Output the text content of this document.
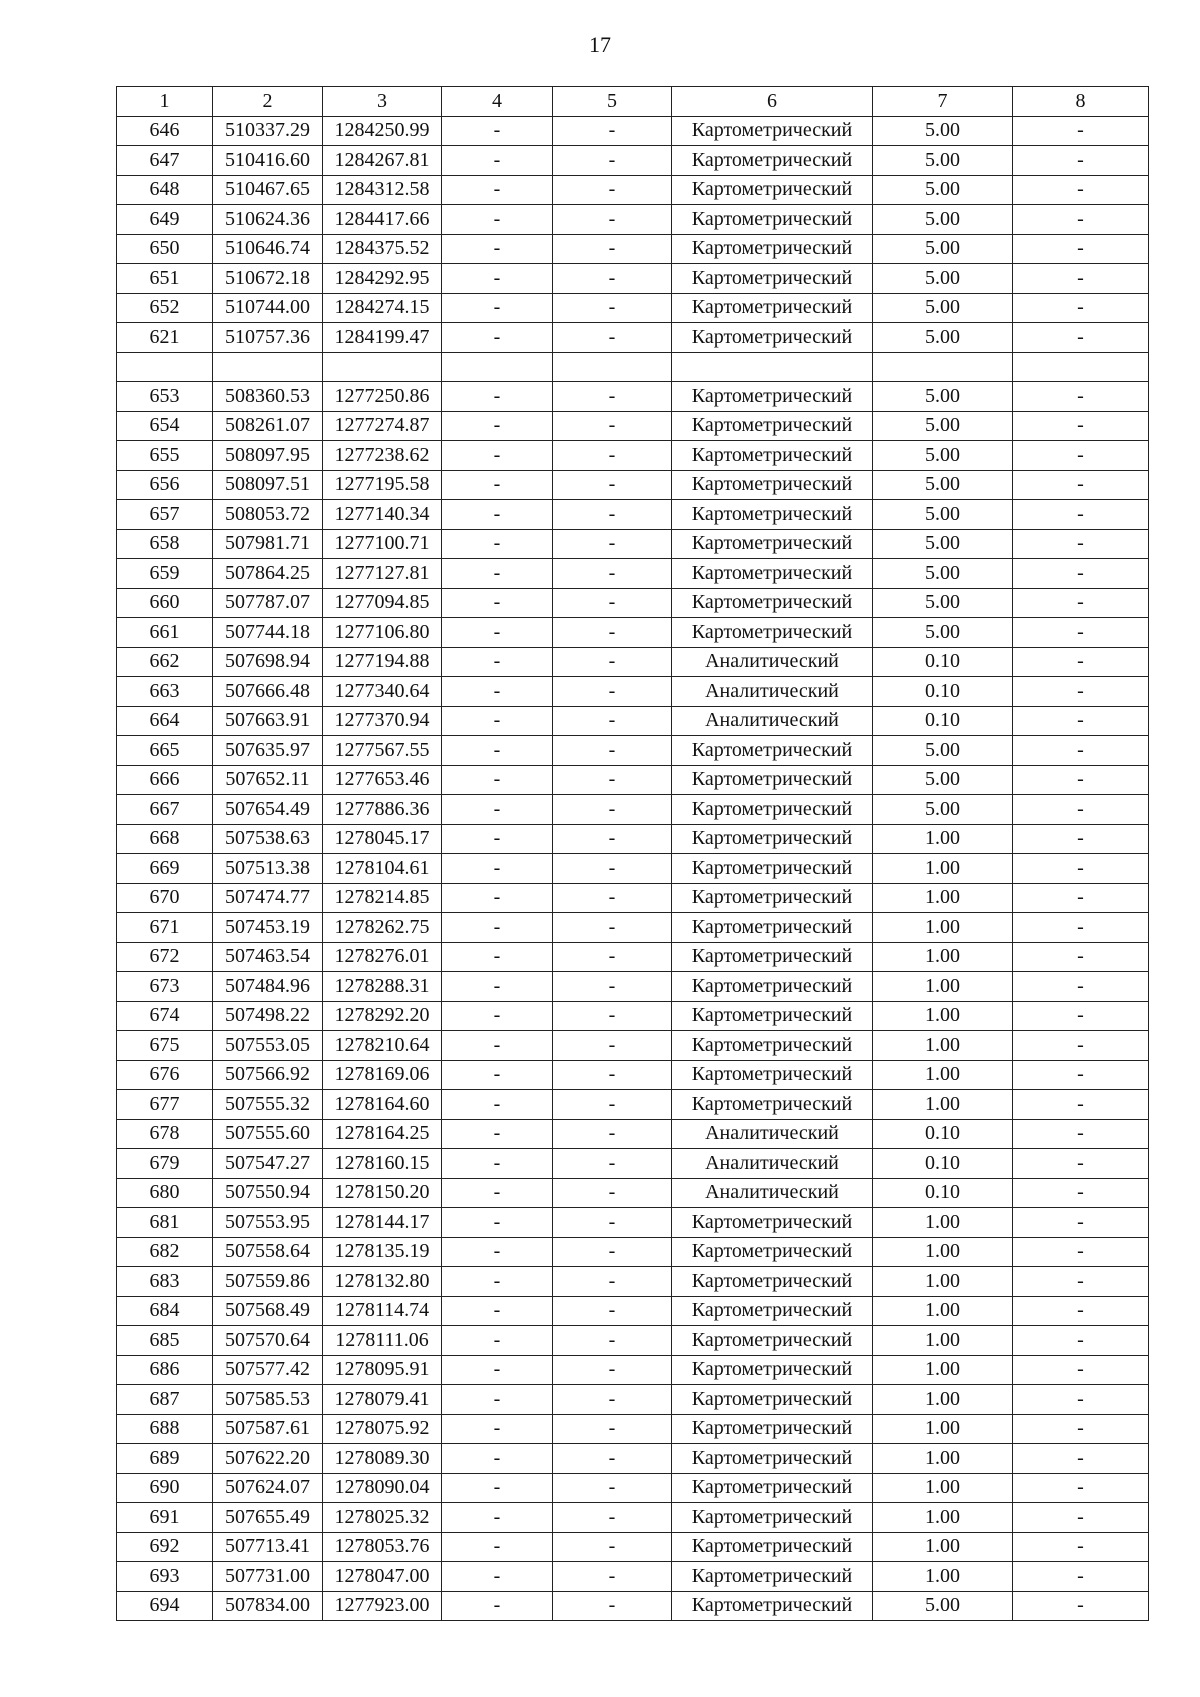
17
1	2	3	4	5	6	7	8
646	510337.29	1284250.99	-	-	Картометрический	5.00	-
647	510416.60	1284267.81	-	-	Картометрический	5.00	-
648	510467.65	1284312.58	-	-	Картометрический	5.00	-
649	510624.36	1284417.66	-	-	Картометрический	5.00	-
650	510646.74	1284375.52	-	-	Картометрический	5.00	-
651	510672.18	1284292.95	-	-	Картометрический	5.00	-
652	510744.00	1284274.15	-	-	Картометрический	5.00	-
621	510757.36	1284199.47	-	-	Картометрический	5.00	-

653	508360.53	1277250.86	-	-	Картометрический	5.00	-
654	508261.07	1277274.87	-	-	Картометрический	5.00	-
655	508097.95	1277238.62	-	-	Картометрический	5.00	-
656	508097.51	1277195.58	-	-	Картометрический	5.00	-
657	508053.72	1277140.34	-	-	Картометрический	5.00	-
658	507981.71	1277100.71	-	-	Картометрический	5.00	-
659	507864.25	1277127.81	-	-	Картометрический	5.00	-
660	507787.07	1277094.85	-	-	Картометрический	5.00	-
661	507744.18	1277106.80	-	-	Картометрический	5.00	-
662	507698.94	1277194.88	-	-	Аналитический	0.10	-
663	507666.48	1277340.64	-	-	Аналитический	0.10	-
664	507663.91	1277370.94	-	-	Аналитический	0.10	-
665	507635.97	1277567.55	-	-	Картометрический	5.00	-
666	507652.11	1277653.46	-	-	Картометрический	5.00	-
667	507654.49	1277886.36	-	-	Картометрический	5.00	-
668	507538.63	1278045.17	-	-	Картометрический	1.00	-
669	507513.38	1278104.61	-	-	Картометрический	1.00	-
670	507474.77	1278214.85	-	-	Картометрический	1.00	-
671	507453.19	1278262.75	-	-	Картометрический	1.00	-
672	507463.54	1278276.01	-	-	Картометрический	1.00	-
673	507484.96	1278288.31	-	-	Картометрический	1.00	-
674	507498.22	1278292.20	-	-	Картометрический	1.00	-
675	507553.05	1278210.64	-	-	Картометрический	1.00	-
676	507566.92	1278169.06	-	-	Картометрический	1.00	-
677	507555.32	1278164.60	-	-	Картометрический	1.00	-
678	507555.60	1278164.25	-	-	Аналитический	0.10	-
679	507547.27	1278160.15	-	-	Аналитический	0.10	-
680	507550.94	1278150.20	-	-	Аналитический	0.10	-
681	507553.95	1278144.17	-	-	Картометрический	1.00	-
682	507558.64	1278135.19	-	-	Картометрический	1.00	-
683	507559.86	1278132.80	-	-	Картометрический	1.00	-
684	507568.49	1278114.74	-	-	Картометрический	1.00	-
685	507570.64	1278111.06	-	-	Картометрический	1.00	-
686	507577.42	1278095.91	-	-	Картометрический	1.00	-
687	507585.53	1278079.41	-	-	Картометрический	1.00	-
688	507587.61	1278075.92	-	-	Картометрический	1.00	-
689	507622.20	1278089.30	-	-	Картометрический	1.00	-
690	507624.07	1278090.04	-	-	Картометрический	1.00	-
691	507655.49	1278025.32	-	-	Картометрический	1.00	-
692	507713.41	1278053.76	-	-	Картометрический	1.00	-
693	507731.00	1278047.00	-	-	Картометрический	1.00	-
694	507834.00	1277923.00	-	-	Картометрический	5.00	-
